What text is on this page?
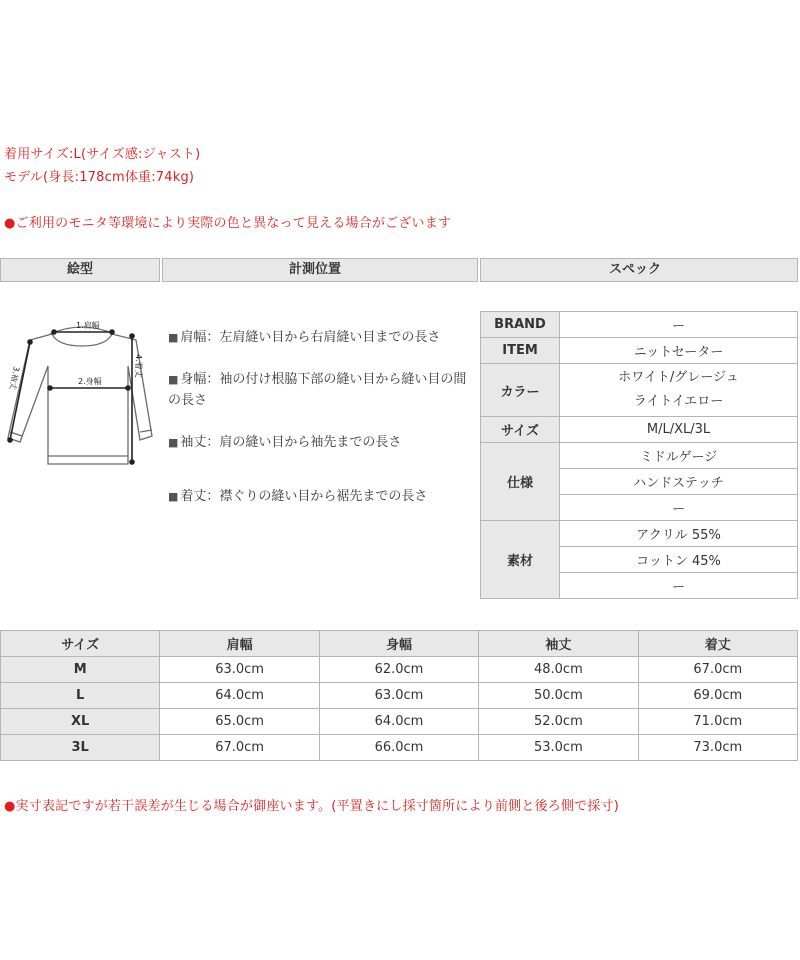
着用サイズ:L(サイズ感:ジャスト)
モデル(身長:178cm体重:74kg)
●ご利用のモニタ等環境により実際の色と異なって見える場合がございます
絵型	計測位置	スペック
1.肩幅
2.身幅
3.袖丈	4.着丈
■ 肩幅：左肩縫い目から右肩縫い目までの長さ
■ 身幅：袖の付け根脇下部の縫い目から縫い目の間の長さ
■ 袖丈：肩の縫い目から袖先までの長さ
■ 着丈：襟ぐりの縫い目から裾先までの長さ
BRAND	ー
ITEM	ニットセーター
カラー	ホワイト/グレージュ
ライトイエロー

サイズ	M/L/XL/3L
仕様	ミドルゲージ
	ハンドステッチ
	ー
素材	アクリル 55%
	コットン 45%
	ー
サイズ	肩幅	身幅	袖丈	着丈
M	63.0cm	62.0cm	48.0cm	67.0cm
L	64.0cm	63.0cm	50.0cm	69.0cm
XL	65.0cm	64.0cm	52.0cm	71.0cm
3L	67.0cm	66.0cm	53.0cm	73.0cm
●実寸表記ですが若干誤差が生じる場合が御座います。(平置きにし採寸箇所により前側と後ろ側で採寸)
